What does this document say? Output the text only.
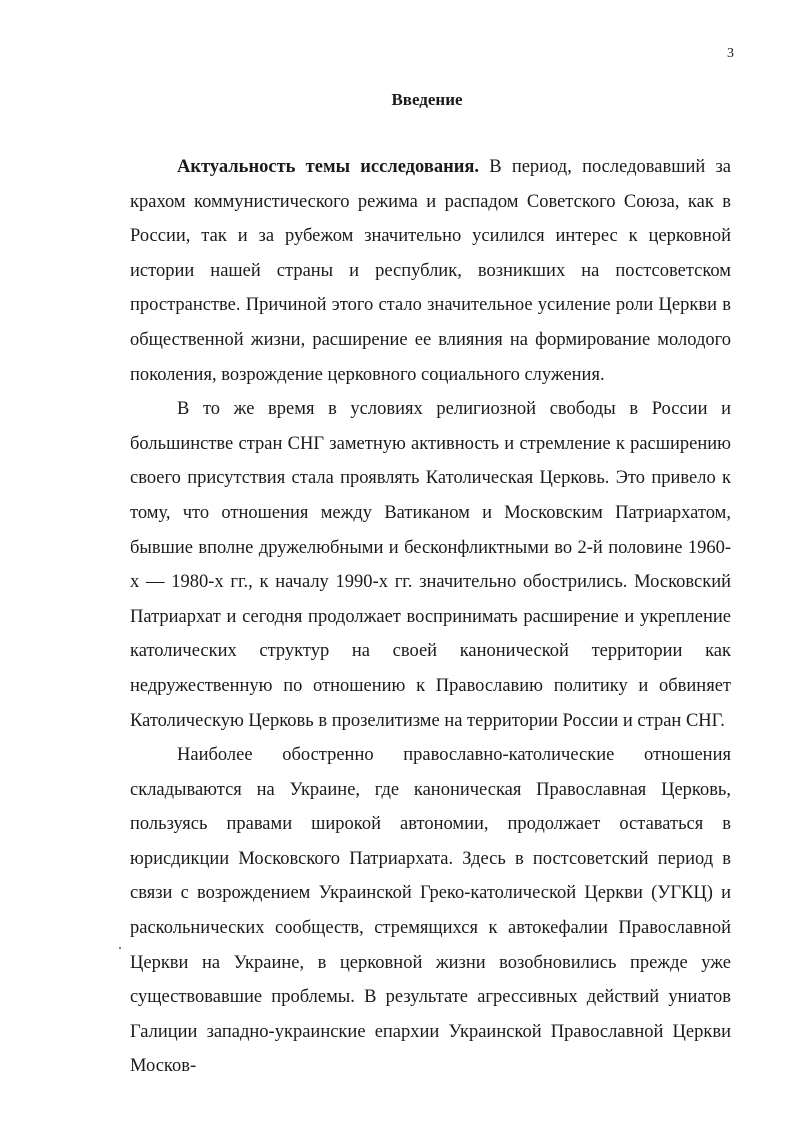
3
Введение

Актуальность темы исследования. В период, последовавший за крахом коммунистического режима и распадом Советского Союза, как в России, так и за рубежом значительно усилился интерес к церковной истории нашей страны и республик, возникших на постсоветском пространстве. Причиной этого стало значительное усиление роли Церкви в общественной жизни, расширение ее влияния на формирование молодого поколения, возрождение церковного социального служения.

В то же время в условиях религиозной свободы в России и большинстве стран СНГ заметную активность и стремление к расширению своего присутствия стала проявлять Католическая Церковь. Это привело к тому, что отношения между Ватиканом и Московским Патриархатом, бывшие вполне дружелюбными и бесконфликтными во 2-й половине 1960-х — 1980-х гг., к началу 1990-х гг. значительно обострились. Московский Патриархат и сегодня продолжает воспринимать расширение и укрепление католических структур на своей канонической территории как недружественную по отношению к Православию политику и обвиняет Католическую Церковь в прозелитизме на территории России и стран СНГ.

Наиболее обостренно православно-католические отношения складываются на Украине, где каноническая Православная Церковь, пользуясь правами широкой автономии, продолжает оставаться в юрисдикции Московского Патриархата. Здесь в постсоветский период в связи с возрождением Украинской Греко-католической Церкви (УГКЦ) и раскольнических сообществ, стремящихся к автокефалии Православной Церкви на Украине, в церковной жизни возобновились прежде уже существовавшие проблемы. В результате агрессивных действий униатов Галиции западно-украинские епархии Украинской Православной Церкви Москов-
